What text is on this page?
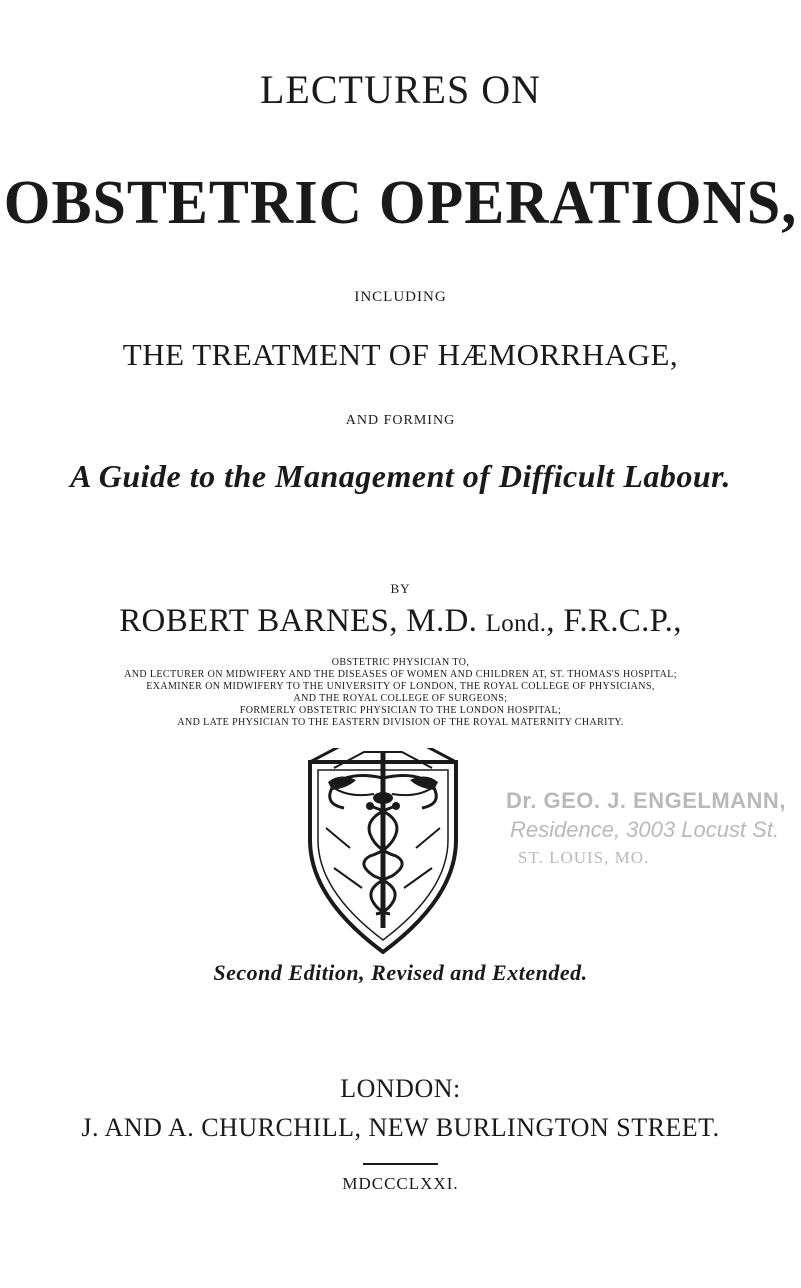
LECTURES ON
OBSTETRIC OPERATIONS,
INCLUDING
THE TREATMENT OF HÆMORRHAGE,
AND FORMING
A Guide to the Management of Difficult Labour.
BY
ROBERT BARNES, M.D. Lond., F.R.C.P.,
OBSTETRIC PHYSICIAN TO,
AND LECTURER ON MIDWIFERY AND THE DISEASES OF WOMEN AND CHILDREN AT, ST. THOMAS'S HOSPITAL;
EXAMINER ON MIDWIFERY TO THE UNIVERSITY OF LONDON, THE ROYAL COLLEGE OF PHYSICIANS,
AND THE ROYAL COLLEGE OF SURGEONS;
FORMERLY OBSTETRIC PHYSICIAN TO THE LONDON HOSPITAL;
AND LATE PHYSICIAN TO THE EASTERN DIVISION OF THE ROYAL MATERNITY CHARITY.
Dr. GEO. J. ENGELMANN,
Residence, 3003 Locust St.
ST. LOUIS, MO.
Second Edition, Revised and Extended.
LONDON:
J. AND A. CHURCHILL, NEW BURLINGTON STREET.
MDCCCLXXI.
